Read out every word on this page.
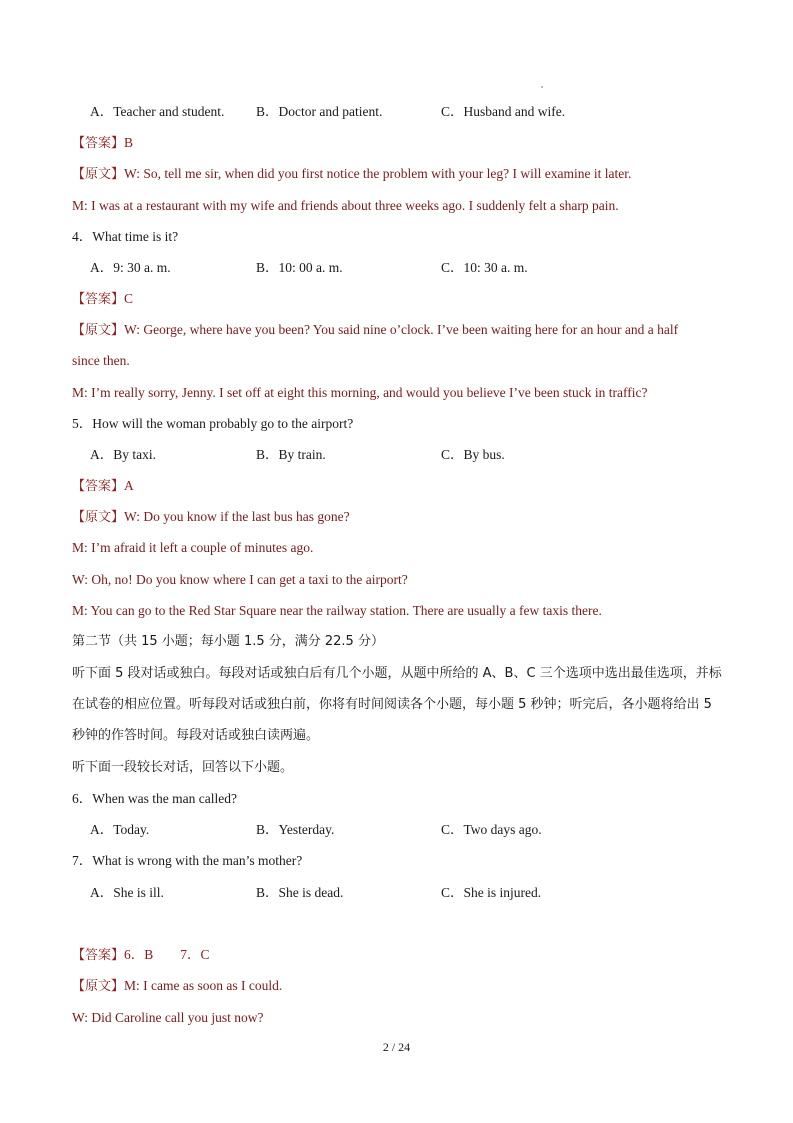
A．Teacher and student. B．Doctor and patient.	C．Husband and wife.
【答案】B
【原文】W: So, tell me sir, when did you first notice the problem with your leg? I will examine it later.
M: I was at a restaurant with my wife and friends about three weeks ago. I suddenly felt a sharp pain.
4．What time is it?
A．9: 30 a. m.	B．10: 00 a. m.	C．10: 30 a. m.
【答案】C
【原文】W: George, where have you been? You said nine o’clock. I’ve been waiting here for an hour and a half
since then.
M: I’m really sorry, Jenny. I set off at eight this morning, and would you believe I’ve been stuck in traffic?
5．How will the woman probably go to the airport?
A．By taxi.	B．By train.	C．By bus.
【答案】A
【原文】W: Do you know if the last bus has gone?
M: I’m afraid it left a couple of minutes ago.
W: Oh, no! Do you know where I can get a taxi to the airport?
M: You can go to the Red Star Square near the railway station. There are usually a few taxis there.
第二节（共 15 小题；每小题 1.5 分，满分 22.5 分）
听下面 5 段对话或独白。每段对话或独白后有几个小题，从题中所给的 A、B、C 三个选项中选出最佳选项，并标在试卷的相应位置。听每段对话或独白前，你将有时间阅读各个小题，每小题 5 秒钟；听完后，各小题将给出 5 秒钟的作答时间。每段对话或独白读两遍。
听下面一段较长对话，回答以下小题。
6．When was the man called?
A．Today.	B．Yesterday.	C．Two days ago.
7．What is wrong with the man’s mother?
A．She is ill.	B．She is dead.	C．She is injured.
【答案】6．B　　7．C
【原文】M: I came as soon as I could.
W: Did Caroline call you just now?
2 / 24
